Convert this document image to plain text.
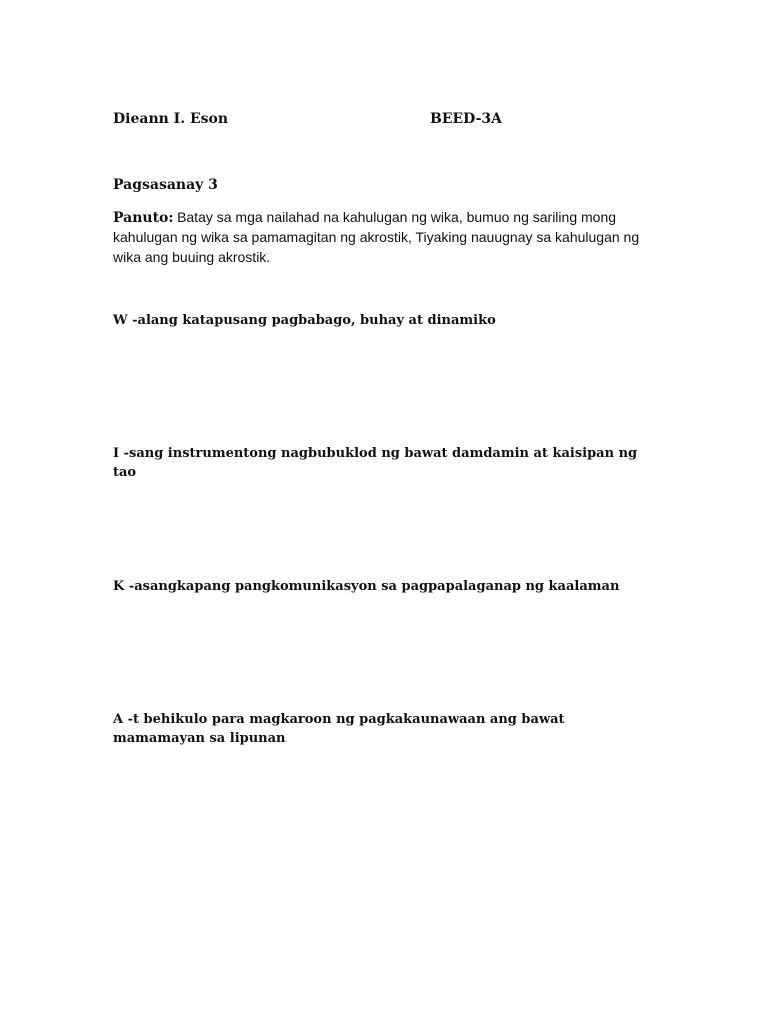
Dieann I. Eson	BEED-3A
Pagsasanay 3
Panuto: Batay sa mga nailahad na kahulugan ng wika, bumuo ng sariling mong kahulugan ng wika sa pamamagitan ng akrostik, Tiyaking nauugnay sa kahulugan ng wika ang buuing akrostik.
W -alang katapusang pagbabago, buhay at dinamiko
I -sang instrumentong nagbubuklod ng bawat damdamin at kaisipan ng tao
K -asangkapang pangkomunikasyon sa pagpapalaganap ng kaalaman
A -t behikulo para magkaroon ng pagkakaunawaan ang bawat mamamayan sa lipunan
